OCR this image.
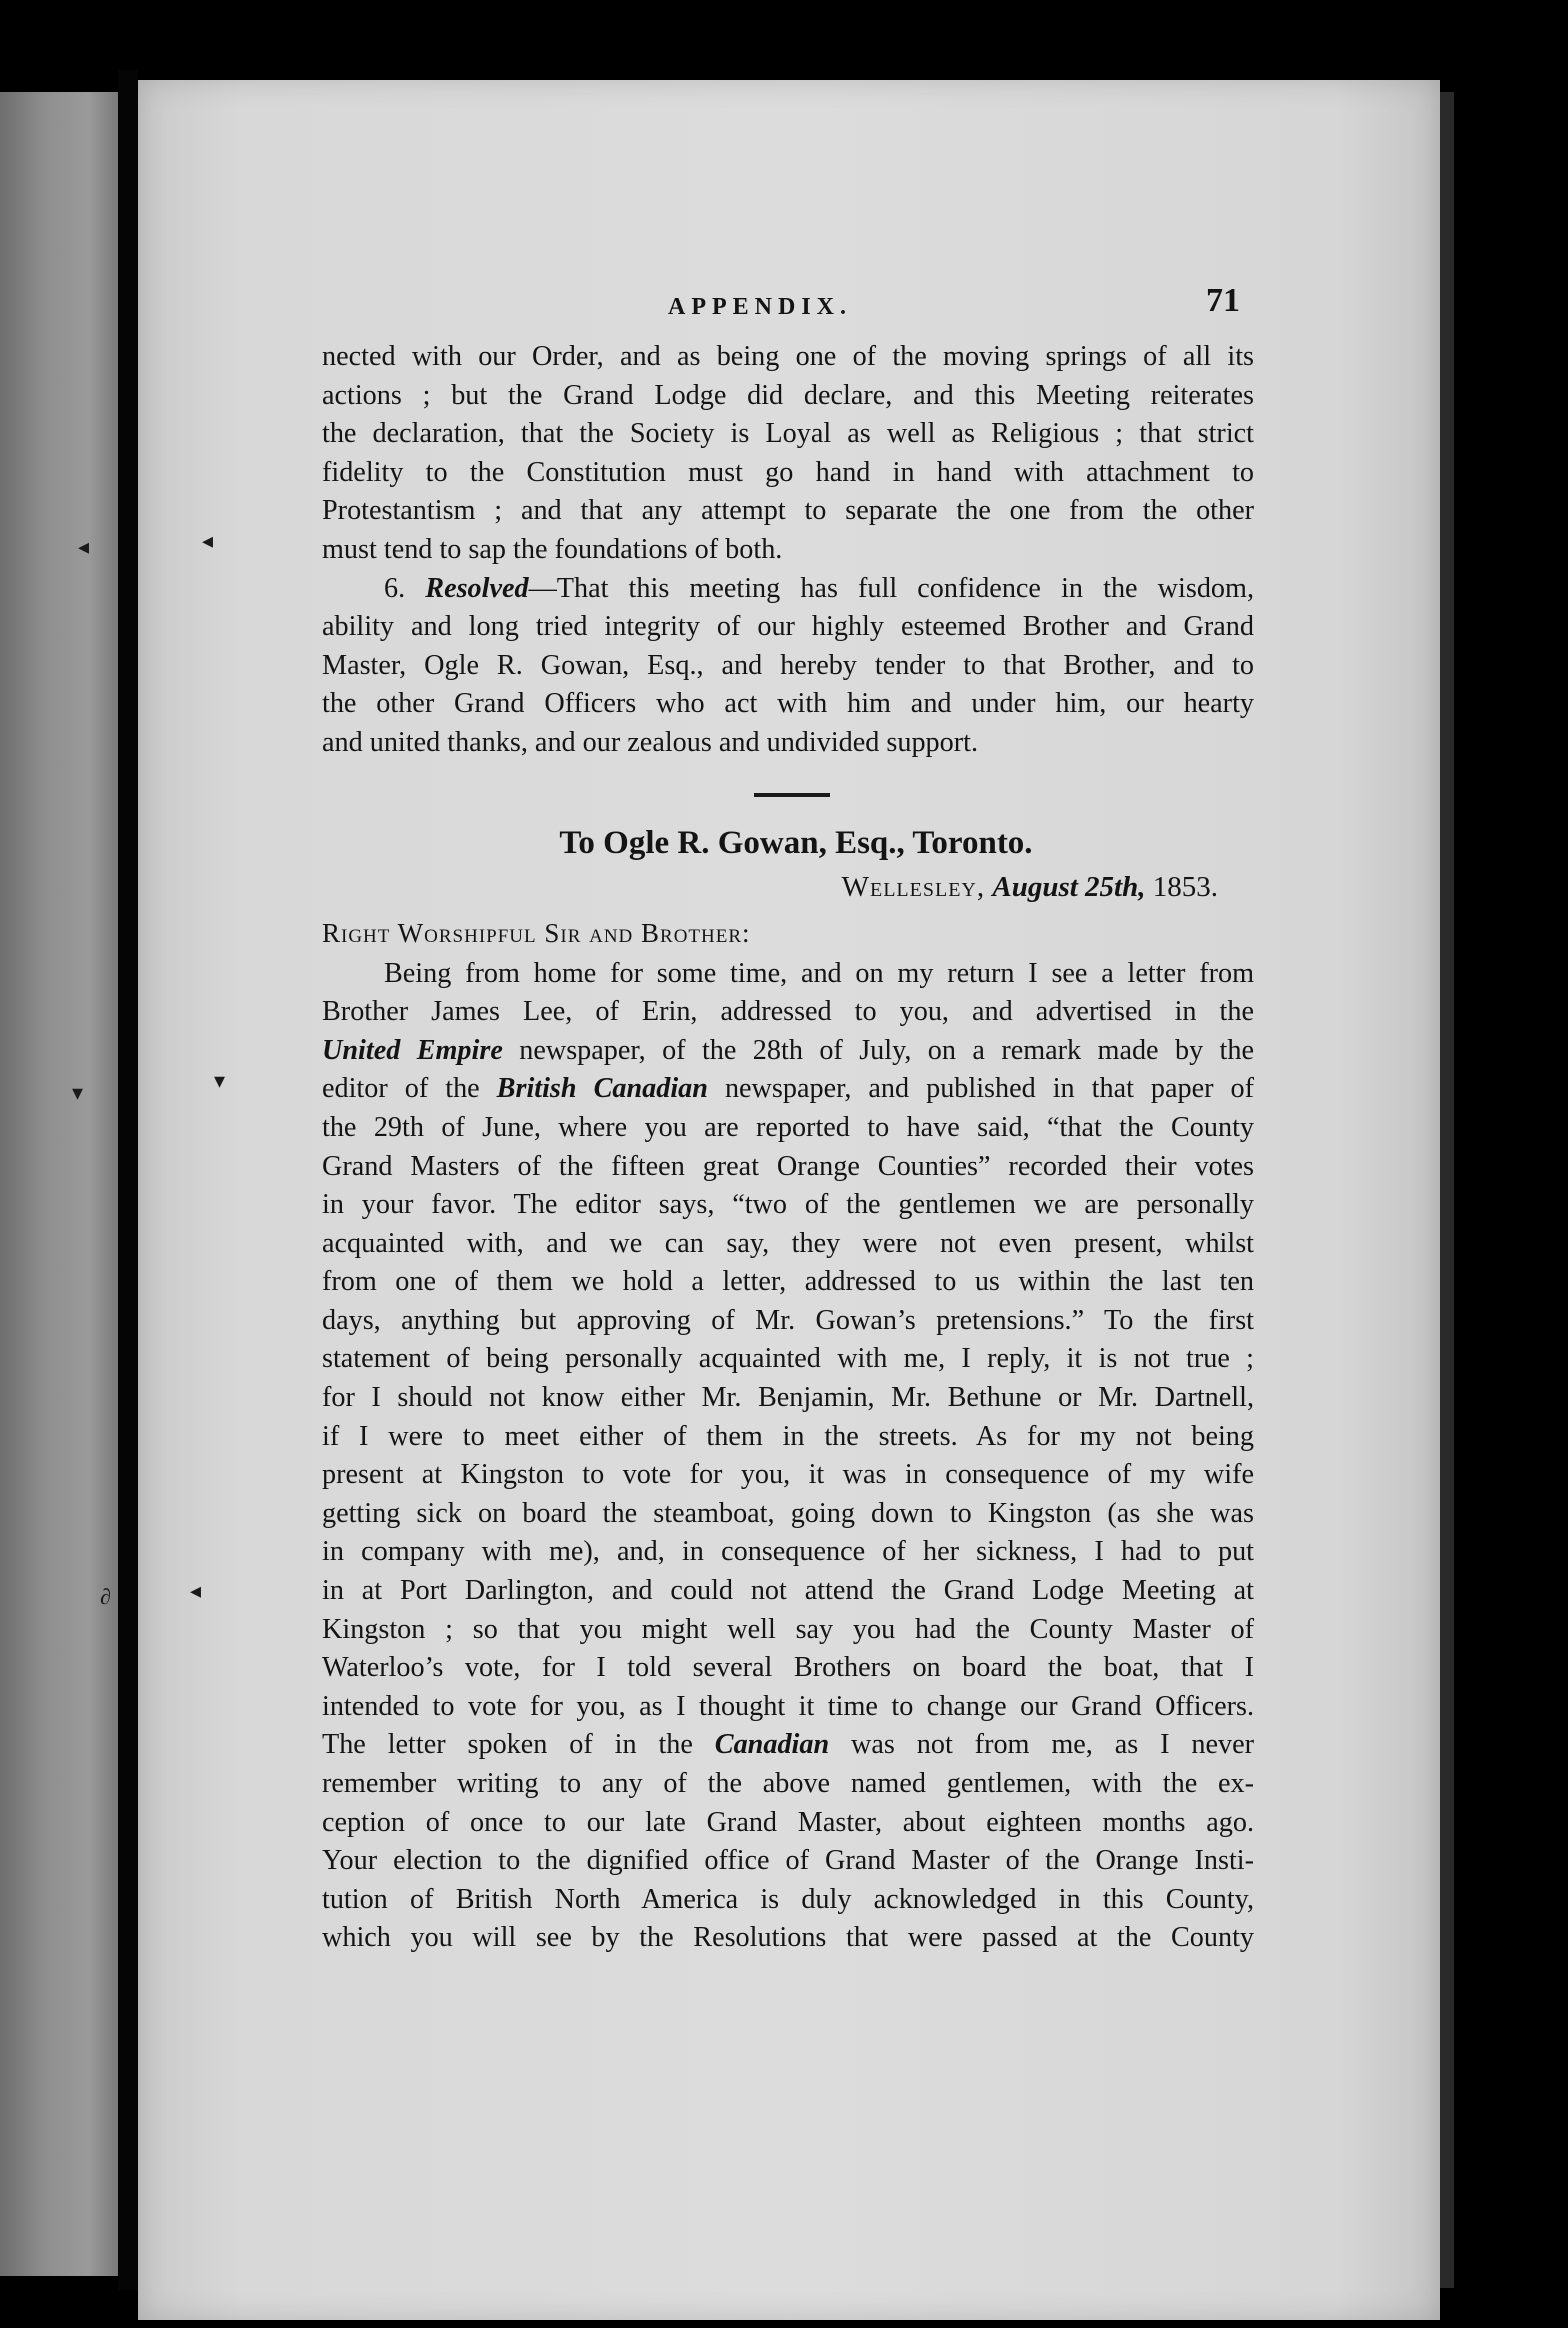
◂
▾
∂
◂
▾
◂
APPENDIX.	71
nected with our Order, and as being one of the moving springs of all its
actions ; but the Grand Lodge did declare, and this Meeting reiterates
the declaration, that the Society is Loyal as well as Religious ; that strict
fidelity to the Constitution must go hand in hand with attachment to
Protestantism ; and that any attempt to separate the one from the other
must tend to sap the foundations of both.
6. Resolved—That this meeting has full confidence in the wisdom,
ability and long tried integrity of our highly esteemed Brother and Grand
Master, Ogle R. Gowan, Esq., and hereby tender to that Brother, and to
the other Grand Officers who act with him and under him, our hearty
and united thanks, and our zealous and undivided support.
To Ogle R. Gowan, Esq., Toronto.
Wellesley, August 25th, 1853.
Right Worshipful Sir and Brother:
Being from home for some time, and on my return I see a letter from
Brother James Lee, of Erin, addressed to you, and advertised in the
United Empire newspaper, of the 28th of July, on a remark made by the
editor of the British Canadian newspaper, and published in that paper of
the 29th of June, where you are reported to have said, “that the County
Grand Masters of the fifteen great Orange Counties” recorded their votes
in your favor. The editor says, “two of the gentlemen we are personally
acquainted with, and we can say, they were not even present, whilst
from one of them we hold a letter, addressed to us within the last ten
days, anything but approving of Mr. Gowan’s pretensions.” To the first
statement of being personally acquainted with me, I reply, it is not true ;
for I should not know either Mr. Benjamin, Mr. Bethune or Mr. Dartnell,
if I were to meet either of them in the streets. As for my not being
present at Kingston to vote for you, it was in consequence of my wife
getting sick on board the steamboat, going down to Kingston (as she was
in company with me), and, in consequence of her sickness, I had to put
in at Port Darlington, and could not attend the Grand Lodge Meeting at
Kingston ; so that you might well say you had the County Master of
Waterloo’s vote, for I told several Brothers on board the boat, that I
intended to vote for you, as I thought it time to change our Grand Officers.
The letter spoken of in the Canadian was not from me, as I never
remember writing to any of the above named gentlemen, with the ex-
ception of once to our late Grand Master, about eighteen months ago.
Your election to the dignified office of Grand Master of the Orange Insti-
tution of British North America is duly acknowledged in this County,
which you will see by the Resolutions that were passed at the County
